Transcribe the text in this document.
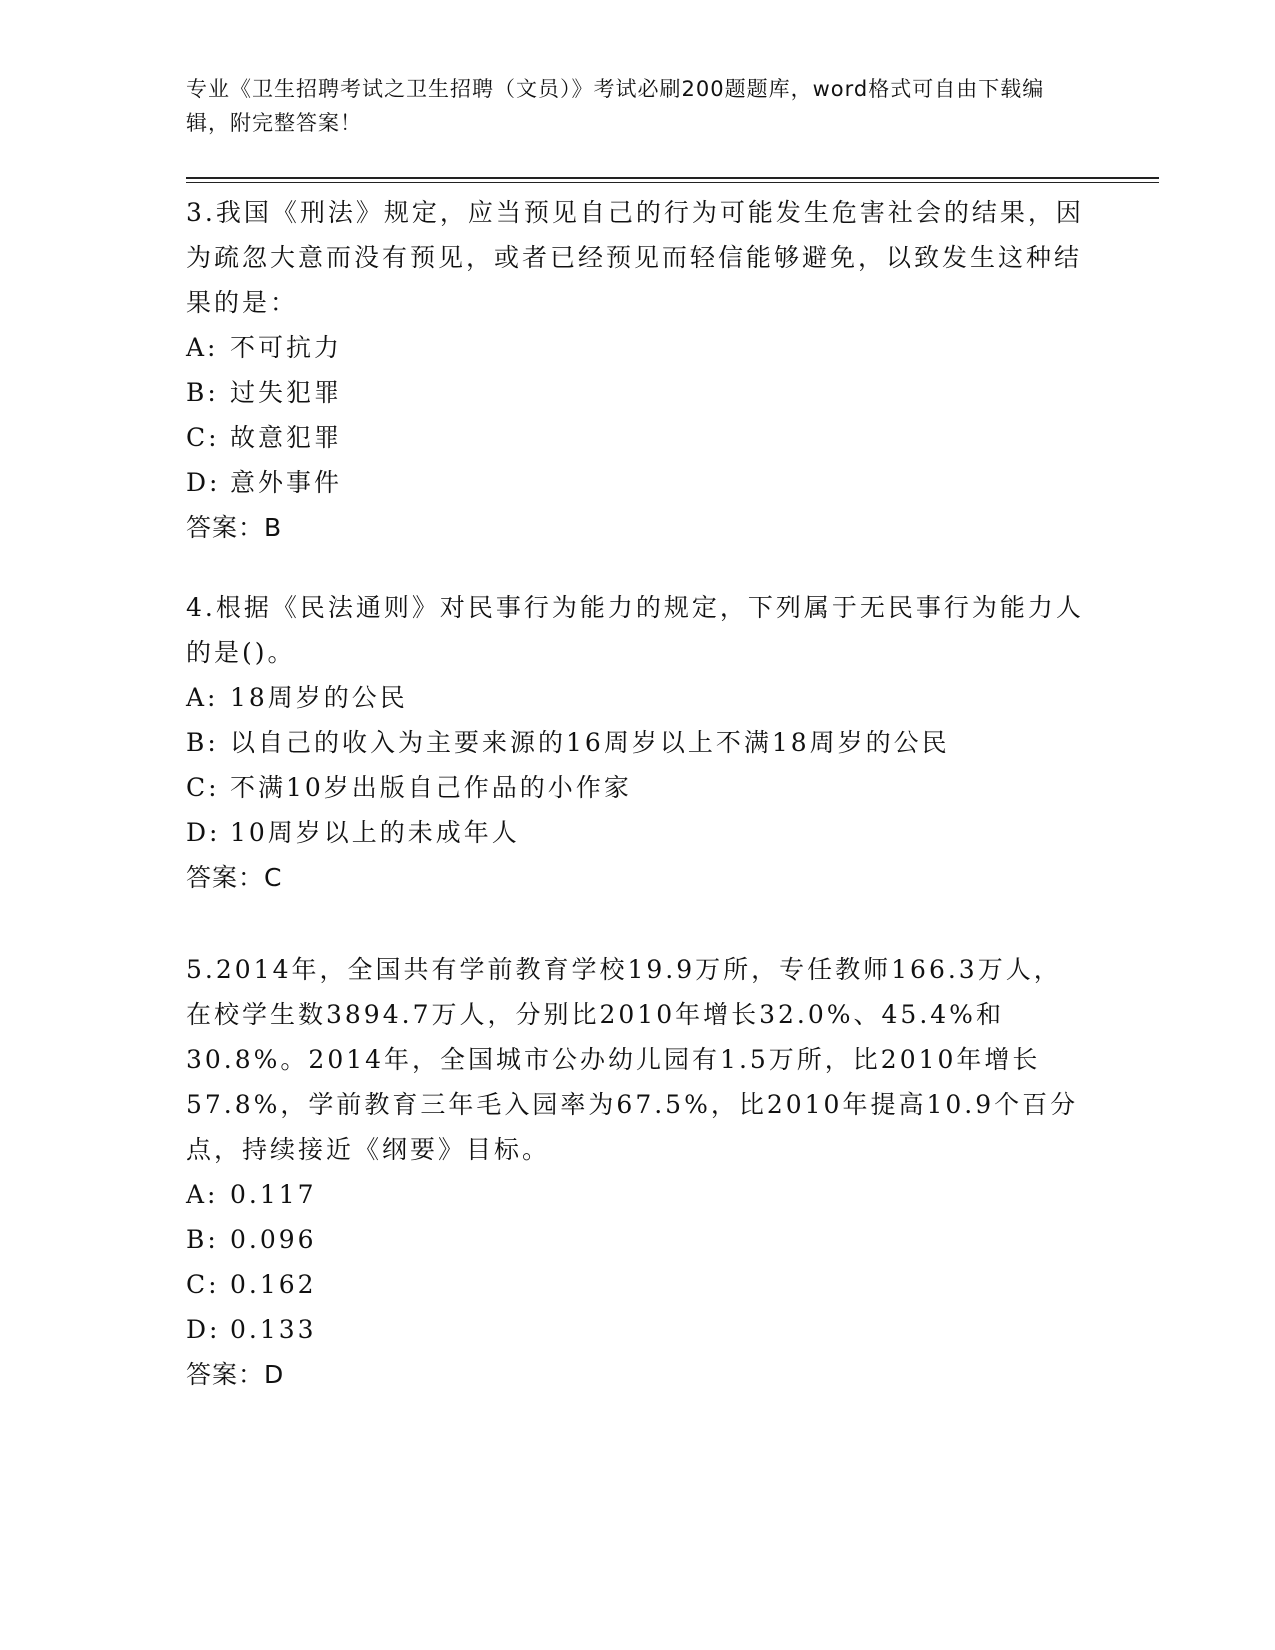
专业《卫生招聘考试之卫生招聘（文员）》考试必刷200题题库，word格式可自由下载编辑，附完整答案！

3.我国《刑法》规定，应当预见自己的行为可能发生危害社会的结果，因为疏忽大意而没有预见，或者已经预见而轻信能够避免，以致发生这种结果的是：

A: 不可抗力
B: 过失犯罪
C: 故意犯罪
D: 意外事件
答案：B

4.根据《民法通则》对民事行为能力的规定，下列属于无民事行为能力人的是()。

A: 18周岁的公民
B: 以自己的收入为主要来源的16周岁以上不满18周岁的公民
C: 不满10岁出版自己作品的小作家
D: 10周岁以上的未成年人
答案：C

5.2014年，全国共有学前教育学校19.9万所，专任教师166.3万人，在校学生数3894.7万人，分别比2010年增长32.0%、45.4%和30.8%。2014年，全国城市公办幼儿园有1.5万所，比2010年增长57.8%，学前教育三年毛入园率为67.5%，比2010年提高10.9个百分点，持续接近《纲要》目标。

A: 0.117
B: 0.096
C: 0.162
D: 0.133
答案：D
